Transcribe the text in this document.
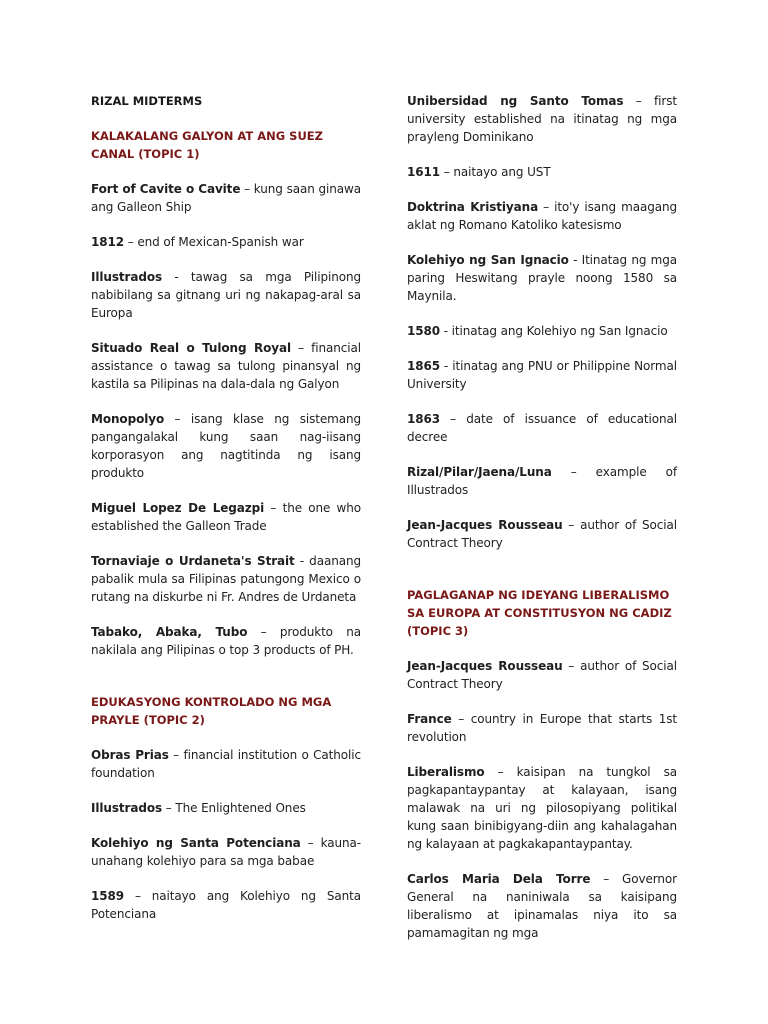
RIZAL MIDTERMS
KALAKALANG GALYON AT ANG SUEZ CANAL (TOPIC 1)
Fort of Cavite o Cavite – kung saan ginawa ang Galleon Ship
1812 – end of Mexican-Spanish war
Illustrados - tawag sa mga Pilipinong nabibilang sa gitnang uri ng nakapag-aral sa Europa
Situado Real o Tulong Royal – financial assistance o tawag sa tulong pinansyal ng kastila sa Pilipinas na dala-dala ng Galyon
Monopolyo – isang klase ng sistemang pangangalakal kung saan nag-iisang korporasyon ang nagtitinda ng isang produkto
Miguel Lopez De Legazpi – the one who established the Galleon Trade
Tornaviaje o Urdaneta's Strait - daanang pabalik mula sa Filipinas patungong Mexico o rutang na diskurbe ni Fr. Andres de Urdaneta
Tabako, Abaka, Tubo – produkto na nakilala ang Pilipinas o top 3 products of PH.
EDUKASYONG KONTROLADO NG MGA PRAYLE (TOPIC 2)
Obras Prias – financial institution o Catholic foundation
Illustrados – The Enlightened Ones
Kolehiyo ng Santa Potenciana – kauna-unahang kolehiyo para sa mga babae
1589 – naitayo ang Kolehiyo ng Santa Potenciana
Unibersidad ng Santo Tomas – first university established na itinatag ng mga prayleng Dominikano
1611 – naitayo ang UST
Doktrina Kristiyana – ito'y isang maagang aklat ng Romano Katoliko katesismo
Kolehiyo ng San Ignacio - Itinatag ng mga paring Heswitang prayle noong 1580 sa Maynila.
1580 - itinatag ang Kolehiyo ng San Ignacio
1865 - itinatag ang PNU or Philippine Normal University
1863 – date of issuance of educational decree
Rizal/Pilar/Jaena/Luna – example of Illustrados
Jean-Jacques Rousseau – author of Social Contract Theory
PAGLAGANAP NG IDEYANG LIBERALISMO SA EUROPA AT CONSTITUSYON NG CADIZ (TOPIC 3)
Jean-Jacques Rousseau – author of Social Contract Theory
France – country in Europe that starts 1st revolution
Liberalismo – kaisipan na tungkol sa pagkapantaypantay at kalayaan, isang malawak na uri ng pilosopiyang politikal kung saan binibigyang-diin ang kahalagahan ng kalayaan at pagkakapantaypantay.
Carlos Maria Dela Torre – Governor General na naniniwala sa kaisipang liberalismo at ipinamalas niya ito sa pamamagitan ng mga
